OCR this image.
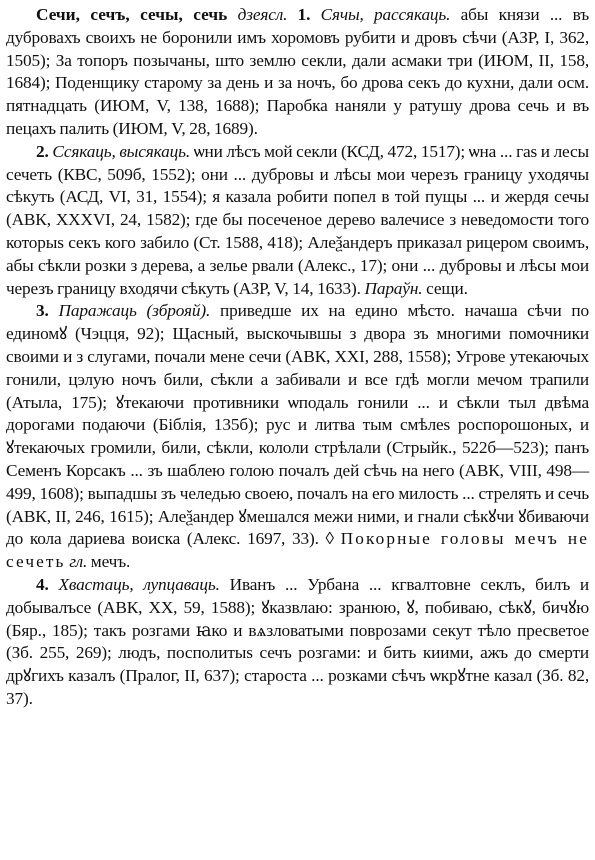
Сечи, сечъ, сечы, сечь дзеясл. 1. Сячы, рассякаць. абы князи ... въ дубровахъ своихъ не боронили имъ хоромовъ рубити и дровъ сѣчи (АЗР, I, 362, 1505); За топоръ позычаны, што землю секли, дали асмаки три (ИЮМ, II, 158, 1684); Поденщику старому за день и за ночъ, бо дрова секъ до кухни, дали осм. пятнадцать (ИЮМ, V, 138, 1688); Паробка наняли у ратушу дрова сечь и въ пецахъ палить (ИЮМ, V, 28, 1689).

2. Ссякаць, высякаць. ѡни лѣсъ мой секли (КСД, 472, 1517); ѡна ... гаѕ и лесы сечеть (КВС, 509б, 1552); они ... дубровы и лѣсы мои черезъ границу уходячы сѣкуть (АСД, VI, 31, 1554); я казала робити попел в той пущы ... и жердя сечы (АВК, XXXVI, 24, 1582); где бы посеченое дерево валечисе з неведомости того которыѕ секъ кого забило (Ст. 1588, 418); Алеѯандеръ приказал рицером своимъ, абы сѣкли розки з дерева, а зелье рвали (Алекс., 17); они ... дубровы и лѣсы мои черезъ границу входячи сѣкуть (АЗР, V, 14, 1633). Параўн. сещи.

3. Паражаць (зброяй). приведше их на едино мѣсто. начаша сѣчи по единомꙋ (Чэцця, 92); Щасный, выскочывшы з двора зъ многими помочники своими и з слугами, почали мене сечи (АВК, XXI, 288, 1558); Угрове утекаючых гонили, цэлую ночъ били, сѣкли а забивали и все гдѣ могли мечом трапили (Атыла, 175); ꙋтекаючи противники ѡподаль гонили ... и сѣкли тыл двѣма дорогами подаючи (Біблія, 135б); рус и литва тым смѣлеѕ роспорошоных, и ꙋтекаючых громили, били, сѣкли, кололи стрѣлали (Стрыйк., 522б—523); панъ Семенъ Корсакъ ... зъ шаблею голою почалъ дей сѣчь на него (АВК, VIII, 498—499, 1608); выпадшы зъ челедью своею, почалъ на его милость ... стрелять и сечь (АВК, II, 246, 1615); Алеѯандер ꙋмешался межи ними, и гнали сѣкꙋчи ꙋбиваючи до кола дариева воиска (Алекс. 1697, 33). ◊ Покорные головы мечъ не сечеть гл. мечъ.

4. Хвастаць, лупцаваць. Иванъ ... Урбана ... кгвалтовне секлъ, билъ и добывалъсе (АВК, XX, 59, 1588); ꙋказвлаю: зранюю, ꙋ, побиваю, сѣкꙋ, бичꙋю (Бяр., 185); такъ розгами ꙗко и вѧзловатыми поврозами секут тѣло пресветое (Зб. 255, 269); людъ, посполитыѕ сечъ розгами: и бить киими, ажъ до смерти дрꙋгихъ казалъ (Пралог, II, 637); староста ... розками сѣчъ ѡкрꙋтне казал (Зб. 82, 37).
